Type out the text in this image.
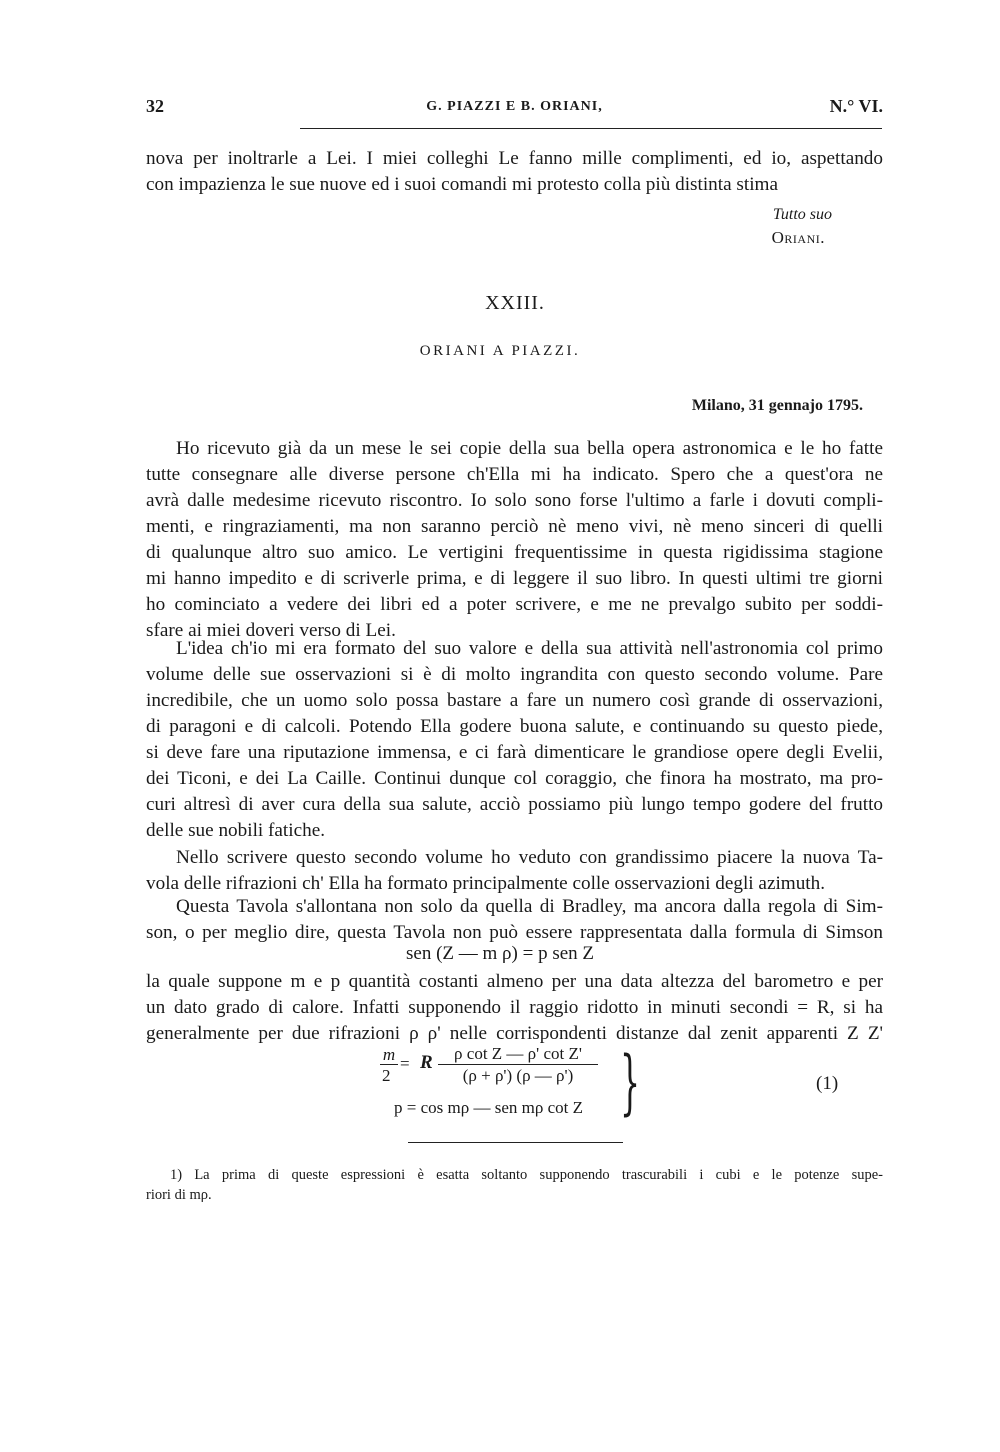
32	G. PIAZZI E B. ORIANI,	N.° VI.
nova per inoltrarle a Lei. I miei colleghi Le fanno mille complimenti, ed io, aspettando
con impazienza le sue nuove ed i suoi comandi mi protesto colla più distinta stima
Tutto suo
Oriani.
XXIII.
ORIANI A PIAZZI.
Milano, 31 gennajo 1795.
Ho ricevuto già da un mese le sei copie della sua bella opera astronomica e le ho fatte
tutte consegnare alle diverse persone ch'Ella mi ha indicato. Spero che a quest'ora ne
avrà dalle medesime ricevuto riscontro. Io solo sono forse l'ultimo a farle i dovuti compli-
menti, e ringraziamenti, ma non saranno perciò nè meno vivi, nè meno sinceri di quelli
di qualunque altro suo amico. Le vertigini frequentissime in questa rigidissima stagione
mi hanno impedito e di scriverle prima, e di leggere il suo libro. In questi ultimi tre giorni
ho cominciato a vedere dei libri ed a poter scrivere, e me ne prevalgo subito per soddi-
sfare ai miei doveri verso di Lei.
L'idea ch'io mi era formato del suo valore e della sua attività nell'astronomia col primo
volume delle sue osservazioni si è di molto ingrandita con questo secondo volume. Pare
incredibile, che un uomo solo possa bastare a fare un numero così grande di osservazioni,
di paragoni e di calcoli. Potendo Ella godere buona salute, e continuando su questo piede,
si deve fare una riputazione immensa, e ci farà dimenticare le grandiose opere degli Evelii,
dei Ticoni, e dei La Caille. Continui dunque col coraggio, che finora ha mostrato, ma pro-
curi altresì di aver cura della sua salute, acciò possiamo più lungo tempo godere del frutto
delle sue nobili fatiche.
Nello scrivere questo secondo volume ho veduto con grandissimo piacere la nuova Ta-
vola delle rifrazioni ch' Ella ha formato principalmente colle osservazioni degli azimuth.
Questa Tavola s'allontana non solo da quella di Bradley, ma ancora dalla regola di Sim-
son, o per meglio dire, questa Tavola non può essere rappresentata dalla formula di Simson
sen (Z — m ρ) = p sen Z
la quale suppone m e p quantità costanti almeno per una data altezza del barometro e per
un dato grado di calore. Infatti supponendo il raggio ridotto in minuti secondi = R, si ha
generalmente per due rifrazioni ρ ρ' nelle corrispondenti distanze dal zenit apparenti Z Z'
m
2
= R	ρ cot Z — ρ' cot Z'
(ρ + ρ') (ρ — ρ')
p = cos mρ — sen mρ cot Z }	(1)
1) La prima di queste espressioni è esatta soltanto supponendo trascurabili i cubi e le potenze supe-
riori di mρ.
